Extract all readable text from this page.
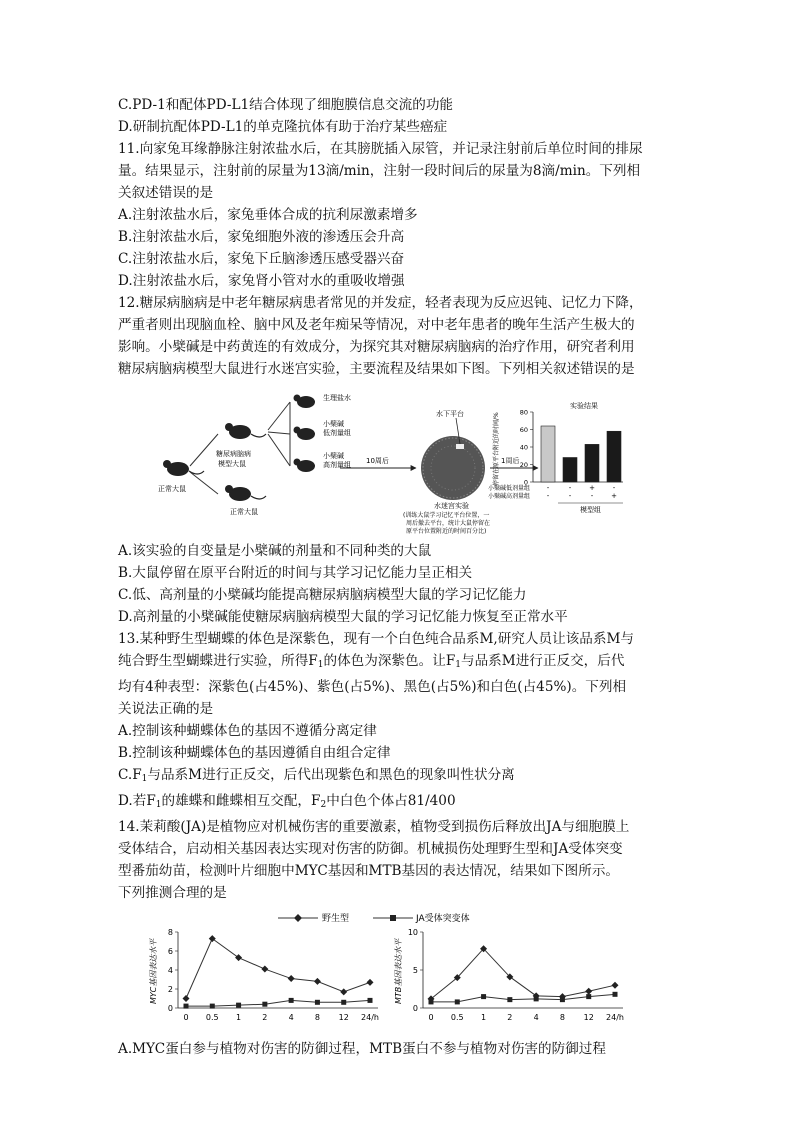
C.PD-1和配体PD-L1结合体现了细胞膜信息交流的功能
D.研制抗配体PD-L1的单克隆抗体有助于治疗某些癌症
11.向家兔耳缘静脉注射浓盐水后，在其膀胱插入尿管，并记录注射前后单位时间的排尿
量。结果显示，注射前的尿量为13滴/min，注射一段时间后的尿量为8滴/min。下列相
关叙述错误的是
A.注射浓盐水后，家兔垂体合成的抗利尿激素增多
B.注射浓盐水后，家兔细胞外液的渗透压会升高
C.注射浓盐水后，家兔下丘脑渗透压感受器兴奋
D.注射浓盐水后，家兔肾小管对水的重吸收增强
12.糖尿病脑病是中老年糖尿病患者常见的并发症，轻者表现为反应迟钝、记忆力下降，
严重者则出现脑血栓、脑中风及老年痴呆等情况，对中老年患者的晚年生活产生极大的
影响。小檗碱是中药黄连的有效成分，为探究其对糖尿病脑病的治疗作用，研究者利用
糖尿病脑病模型大鼠进行水迷宫实验，主要流程及结果如下图。下列相关叙述错误的是
正常大鼠
糖尿病脑病
模型大鼠
正常大鼠
生理盐水
小檗碱
低剂量组
小檗碱
高剂量组 10周后
水下平台
水迷宫实验
(训练大鼠学习记忆平台位置，一
周后撤去平台，统计大鼠停留在
原平台位置附近的时间百分比)
1周后
实验结果
停留在原平台附近的时间/%	0
20
40
60
80
-	-	+	-
-	-	-	+
小檗碱低剂量组
小檗碱高剂量组
模型组
A.该实验的自变量是小檗碱的剂量和不同种类的大鼠
B.大鼠停留在原平台附近的时间与其学习记忆能力呈正相关
C.低、高剂量的小檗碱均能提高糖尿病脑病模型大鼠的学习记忆能力
D.高剂量的小檗碱能使糖尿病脑病模型大鼠的学习记忆能力恢复至正常水平
13.某种野生型蝴蝶的体色是深紫色，现有一个白色纯合品系M,研究人员让该品系M与
纯合野生型蝴蝶进行实验，所得$F_1$的体色为深紫色。让$F_1$与品系M进行正反交，后代
均有4种表型：深紫色(占45%)、紫色(占5%)、黑色(占5%)和白色(占45%)。下列相
关说法正确的是
A.控制该种蝴蝶体色的基因不遵循分离定律
B.控制该种蝴蝶体色的基因遵循自由组合定律
$C.F_1$与品系M进行正反交，后代出现紫色和黑色的现象叫性状分离
D.若$F_1$的雄蝶和雌蝶相互交配，$F_2$中白色个体占81/400
14.茉莉酸(JA)是植物应对机械伤害的重要激素，植物受到损伤后释放出JA与细胞膜上
受体结合，启动相关基因表达实现对伤害的防御。机械损伤处理野生型和JA受体突变
型番茄幼苗，检测叶片细胞中MYC基因和MTB基因的表达情况，结果如下图所示。
下列推测合理的是
野生型	JA受体突变体
MYC基因表达水平
0
2
4
6
8
0 0.5 1	2	4	8 12 24/h
MTB基因表达水平
0
5
10
0 0.5 1	2	4	8 12 24/h
A.MYC蛋白参与植物对伤害的防御过程，MTB蛋白不参与植物对伤害的防御过程
